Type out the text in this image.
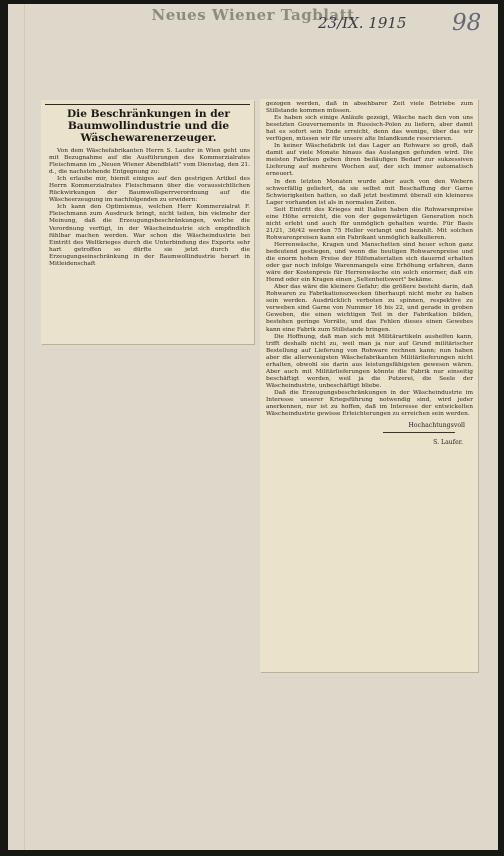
Neues Wiener Tagblatt
23/IX. 1915 98
Die Beschränkungen in der Baumwollindustrie und die Wäschewarenerzeuger.

Von dem Wäschefabrikanten Herrn S. Laufer in Wien geht uns mit Bezugnahme auf die Ausführungen des Kommerzialrates Fleischmann im „Neuen Wiener Abendblatt" vom Dienstag, den 21. d., die nachstehende Entgegnung zu:

Ich erlaube mir, hiemit einiges auf den gestrigen Artikel des Herrn Kommerzialrates Fleischmann über die voraussichtlichen Rückwirkungen der Baumwollsperrverordnung auf die Wäscheerzeugung im nachfolgenden zu erwidern:

Ich kann den Optimismus, welchen Herr Kommerzialrat F. Fleischmann zum Ausdruck bringt, nicht teilen, bin vielmehr der Meinung, daß die Erzeugungsbeschränkungen, welche die Verordnung verfügt, in der Wäscheindustrie sich empfindlich fühlbar machen werden. War schon die Wäscheindustrie bei Eintritt des Weltkrieges durch die Unterbindung des Exports sehr hart getroffen so dürfte sie jetzt durch die Erzeugungseinschränkung in der Baumwollindustrie herart in Mitleidenschaft

gezogen werden, daß in absehbarer Zeit viele Betriebe zum Stillstande kommen müssen.

Es haben sich einige Anläufe gezeigt, Wäsche nach den von uns besetzten Gouvernements in Russisch-Polen zu liefern, aber damit hat es sofort sein Ende erreicht, denn das wenige, über das wir verfügen, müssen wir für unsere alte Inlandkunde reservieren.

In keiner Wäschefabrik ist das Lager an Rohware so groß, daß damit auf viele Monate hinaus das Auslangen gefunden wird. Die meisten Fabriken geben ihren beiläufigen Bedarf zur sukzessiven Lieferung auf mehrere Wochen auf, der sich immer automatisch erneuert.

In den letzten Monaten wurde aber auch von den Webern schwerfällig geliefert, da sie selbst mit Beschaffung der Garne Schwierigkeiten hatten, so daß jetzt bestimmt überall ein kleineres Lager vorhanden ist als in normalen Zeiten.

Seit Eintritt des Krieges mit Italien haben die Rohwarenpreise eine Höhe erreicht, die von der gegenwärtigen Generation noch nicht erlebt und auch für unmöglich gehalten wurde. Für Basis 21/21, 36/42 werden 75 Heller verlangt und bezahlt. Mit solchen Rohwarenpreisen kann ein Fabrikant unmöglich kalkulieren.

Herrenwäsche, Kragen und Manschetten sind heuer schon ganz bedeutend gestiegen, und wenn die heutigen Rohwarenpreise und die enorm hohen Preise der Hilfsmaterialien sich dauernd erhalten oder gar noch infolge Warenmangels eine Erhöhung erfahren, dann wäre der Kostenpreis für Herrenwäsche ein solch enormer, daß ein Hemd oder ein Kragen einen „Seltenheitswert" bekäme.

Aber das wäre die kleinere Gefahr; die größere besteht darin, daß Rohwaren zu Fabrikationszwecken überhaupt nicht mehr zu haben sein werden. Ausdrücklich verboten zu spinnen, respektive zu verweben sind Garne von Nummer 16 bis 22, und gerade in groben Geweben, die einen wichtigen Teil in der Fabrikation bilden, bestehen geringe Vorräte, und das Fehlen dieses einen Gewebes kann eine Fabrik zum Stillstande bringen.

Die Hoffnung, daß man sich mit Militärartikeln aushelfen kann, trifft deshalb nicht zu, weil man ja nur auf Grund militärischer Bestellung auf Lieferung von Rohware rechnen kann; nun haben aber die allerwenigsten Wäschefabrikanten Militärlieferungen nicht erhalten, obwohl sie darin aus leistungsfähigsten gewesen wären. Aber auch mit Militärlieferungen könnte die Fabrik nur einseitig beschäftigt werden, weil ja die Putzerei, die Seele der Wäscheindustrie, unbeschäftigt bliebe.

Daß die Erzeugungsbeschränkungen in der Wäscheindustrie im Interesse unserer Kriegsführung notwendig sind, wird jeder anerkennen, nur ist zu hoffen, daß im Interesse der entwickelten Wäscheindustrie gewisse Erleichterungen zu erreichen sein werden.

Hochachtungsvoll
S. Laufer.
